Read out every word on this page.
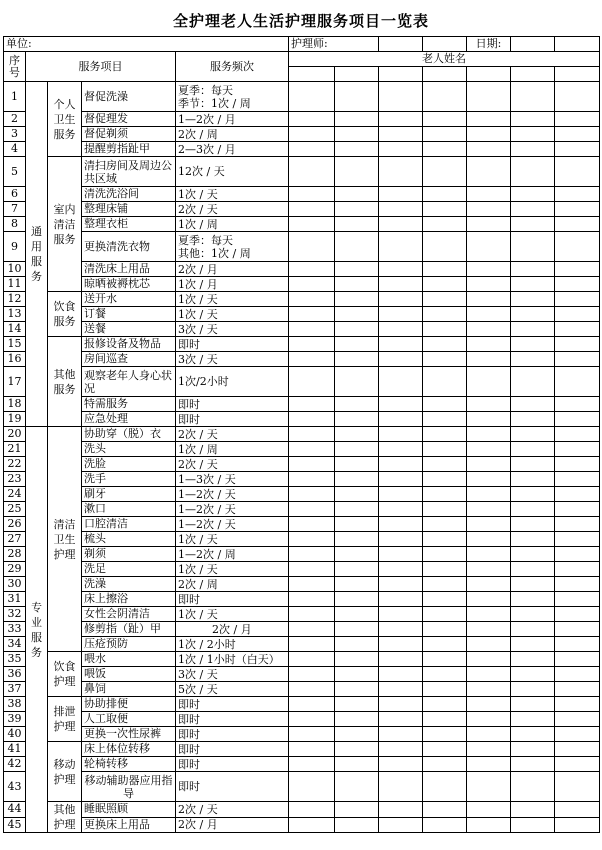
全护理老人生活护理服务项目一览表
单位:					护理师:				日期:		
序号	服务项目			服务频次	老人姓名						

1	通用服务	个人卫生服务	督促洗澡	夏季：每天
季节：1次 / 周							
2			督促理发	1—2次 / 月							
3			督促剃须	2次 / 周							
4			提醒剪指趾甲	2—3次 / 月							
5		室内清洁服务	清扫房间及周边公共区域	12次 / 天							
6			清洗洗浴间	1次 / 天							
7			整理床铺	2次 / 天							
8			整理衣柜	1次 / 周							
9			更换清洗衣物	夏季：每天
其他：1次 / 周							
10			清洗床上用品	2次 / 月							
11			晾晒被褥枕芯	1次 / 月							
12		饮食服务	送开水	1次 / 天							
13			订餐	1次 / 天							
14			送餐	3次 / 天							
15		其他服务	报修设备及物品	即时							
16			房间巡查	3次 / 天							
17			观察老年人身心状况	1次/2小时							
18			特需服务	即时							
19			应急处理	即时							
20	专业服务	清洁卫生护理	协助穿（脱）衣	2次 / 天							
21			洗头	1次 / 周							
22			洗脸	2次 / 天							
23			洗手	1—3次 / 天							
24			刷牙	1—2次 / 天							
25			漱口	1—2次 / 天							
26			口腔清洁	1—2次 / 天							
27			梳头	1次 / 天							
28			剃须	1—2次 / 周							
29			洗足	1次 / 天							
30			洗澡	2次 / 周							
31			床上擦浴	即时							
32			女性会阴清洁	1次 / 天							
33			修剪指（趾）甲	2次 / 月							
34			压疮预防	1次 / 2小时							
35		饮食护理	喂水	1次 / 1小时（白天）							
36			喂饭	3次 / 天							
37			鼻饲	5次 / 天							
38		排泄护理	协助排便	即时							
39			人工取便	即时							
40			更换一次性尿裤	即时							
41		移动护理	床上体位转移	即时							
42			轮椅转移	即时							
43			移动辅助器应用指导	即时							
44		其他护理	睡眠照顾	2次 / 天							
45			更换床上用品	2次 / 月							
